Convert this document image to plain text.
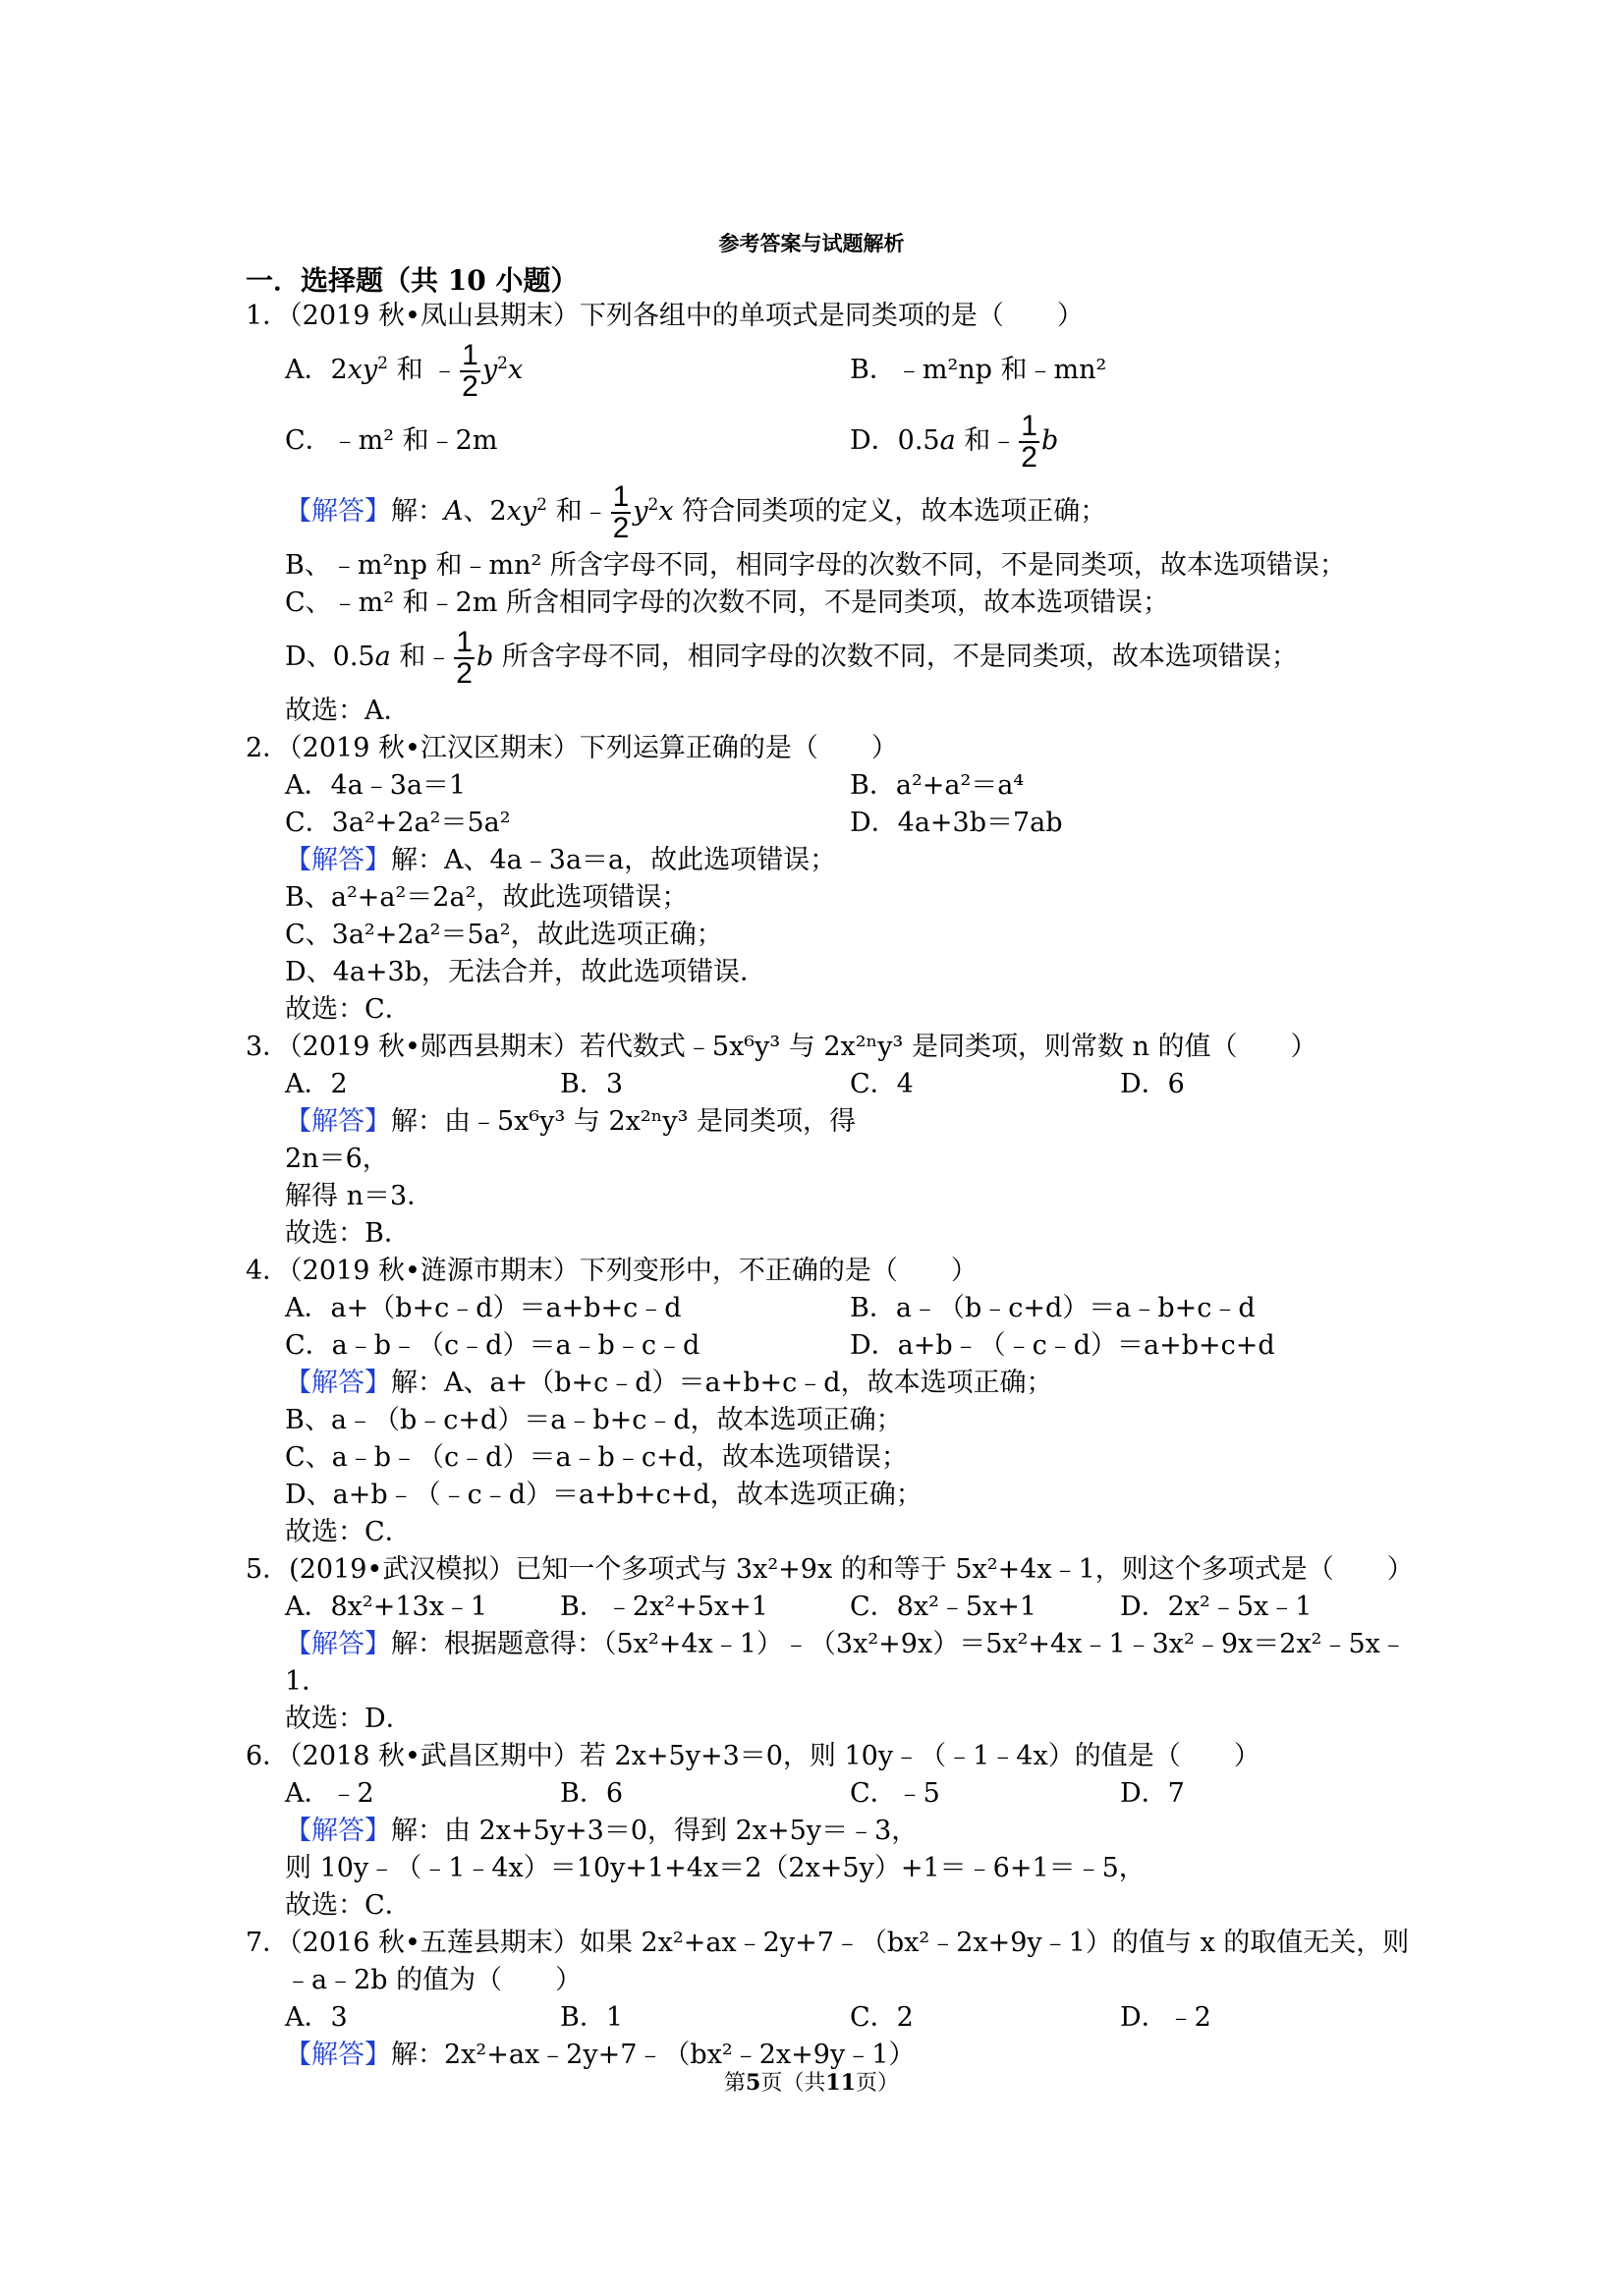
参考答案与试题解析
一．选择题（共 10 小题）
1．（2019 秋•凤山县期末）下列各组中的单项式是同类项的是（　　）
A．$2xy^2$ 和 ﹣ $\frac{1}{2} y^2x$	B．﹣m²np 和﹣mn²
C．﹣m² 和﹣2m	D．0.5a 和﹣ $\frac{1}{2}$ b
【解答】解：A、$2xy^2$ 和﹣ $\frac{1}{2} y^2x$ 符合同类项的定义，故本选项正确；
B、﹣m²np 和﹣mn² 所含字母不同，相同字母的次数不同，不是同类项，故本选项错误；
C、﹣m² 和﹣2m 所含相同字母的次数不同，不是同类项，故本选项错误；
D、0.5a 和﹣ $\frac{1}{2}$ b 所含字母不同，相同字母的次数不同，不是同类项，故本选项错误；
故选：A．
2．（2019 秋•江汉区期末）下列运算正确的是（　　）
A．4a﹣3a＝1	B．a²+a²＝a⁴
C．3a²+2a²＝5a²	D．4a+3b＝7ab
【解答】解：A、4a﹣3a＝a，故此选项错误；
B、a²+a²＝2a²，故此选项错误；
C、3a²+2a²＝5a²，故此选项正确；
D、4a+3b，无法合并，故此选项错误．
故选：C．
3．（2019 秋•郧西县期末）若代数式﹣5x⁶y³ 与 2x²ⁿy³ 是同类项，则常数 n 的值（　　）
A．2	B．3	C．4	D．6
【解答】解：由﹣5x⁶y³ 与 2x²ⁿy³ 是同类项，得
2n＝6，
解得 n＝3．
故选：B．
4．（2019 秋•涟源市期末）下列变形中，不正确的是（　　）
A．a+（b+c﹣d）＝a+b+c﹣d	B．a﹣（b﹣c+d）＝a﹣b+c﹣d
C．a﹣b﹣（c﹣d）＝a﹣b﹣c﹣d	D．a+b﹣（﹣c﹣d）＝a+b+c+d
【解答】解：A、a+（b+c﹣d）＝a+b+c﹣d，故本选项正确；
B、a﹣（b﹣c+d）＝a﹣b+c﹣d，故本选项正确；
C、a﹣b﹣（c﹣d）＝a﹣b﹣c+d，故本选项错误；
D、a+b﹣（﹣c﹣d）＝a+b+c+d，故本选项正确；
故选：C．
5．(2019•武汉模拟）已知一个多项式与 3x²+9x 的和等于 5x²+4x﹣1，则这个多项式是（　　）
A．8x²+13x﹣1	B．﹣2x²+5x+1	C．8x²﹣5x+1	D．2x²﹣5x﹣1
【解答】解：根据题意得：（5x²+4x﹣1）﹣（3x²+9x）＝5x²+4x﹣1﹣3x²﹣9x＝2x²﹣5x﹣
1．
故选：D．
6．（2018 秋•武昌区期中）若 2x+5y+3＝0，则 10y﹣（﹣1﹣4x）的值是（　　）
A．﹣2	B．6	C．﹣5	D．7
【解答】解：由 2x+5y+3＝0，得到 2x+5y＝﹣3，
则 10y﹣（﹣1﹣4x）＝10y+1+4x＝2（2x+5y）+1＝﹣6+1＝﹣5，
故选：C．
7．（2016 秋•五莲县期末）如果 2x²+ax﹣2y+7﹣（bx²﹣2x+9y﹣1）的值与 x 的取值无关，则
﹣a﹣2b 的值为（　　）
A．3	B．1	C．2	D．﹣2
【解答】解：2x²+ax﹣2y+7﹣（bx²﹣2x+9y﹣1）
第5页（共11页）
